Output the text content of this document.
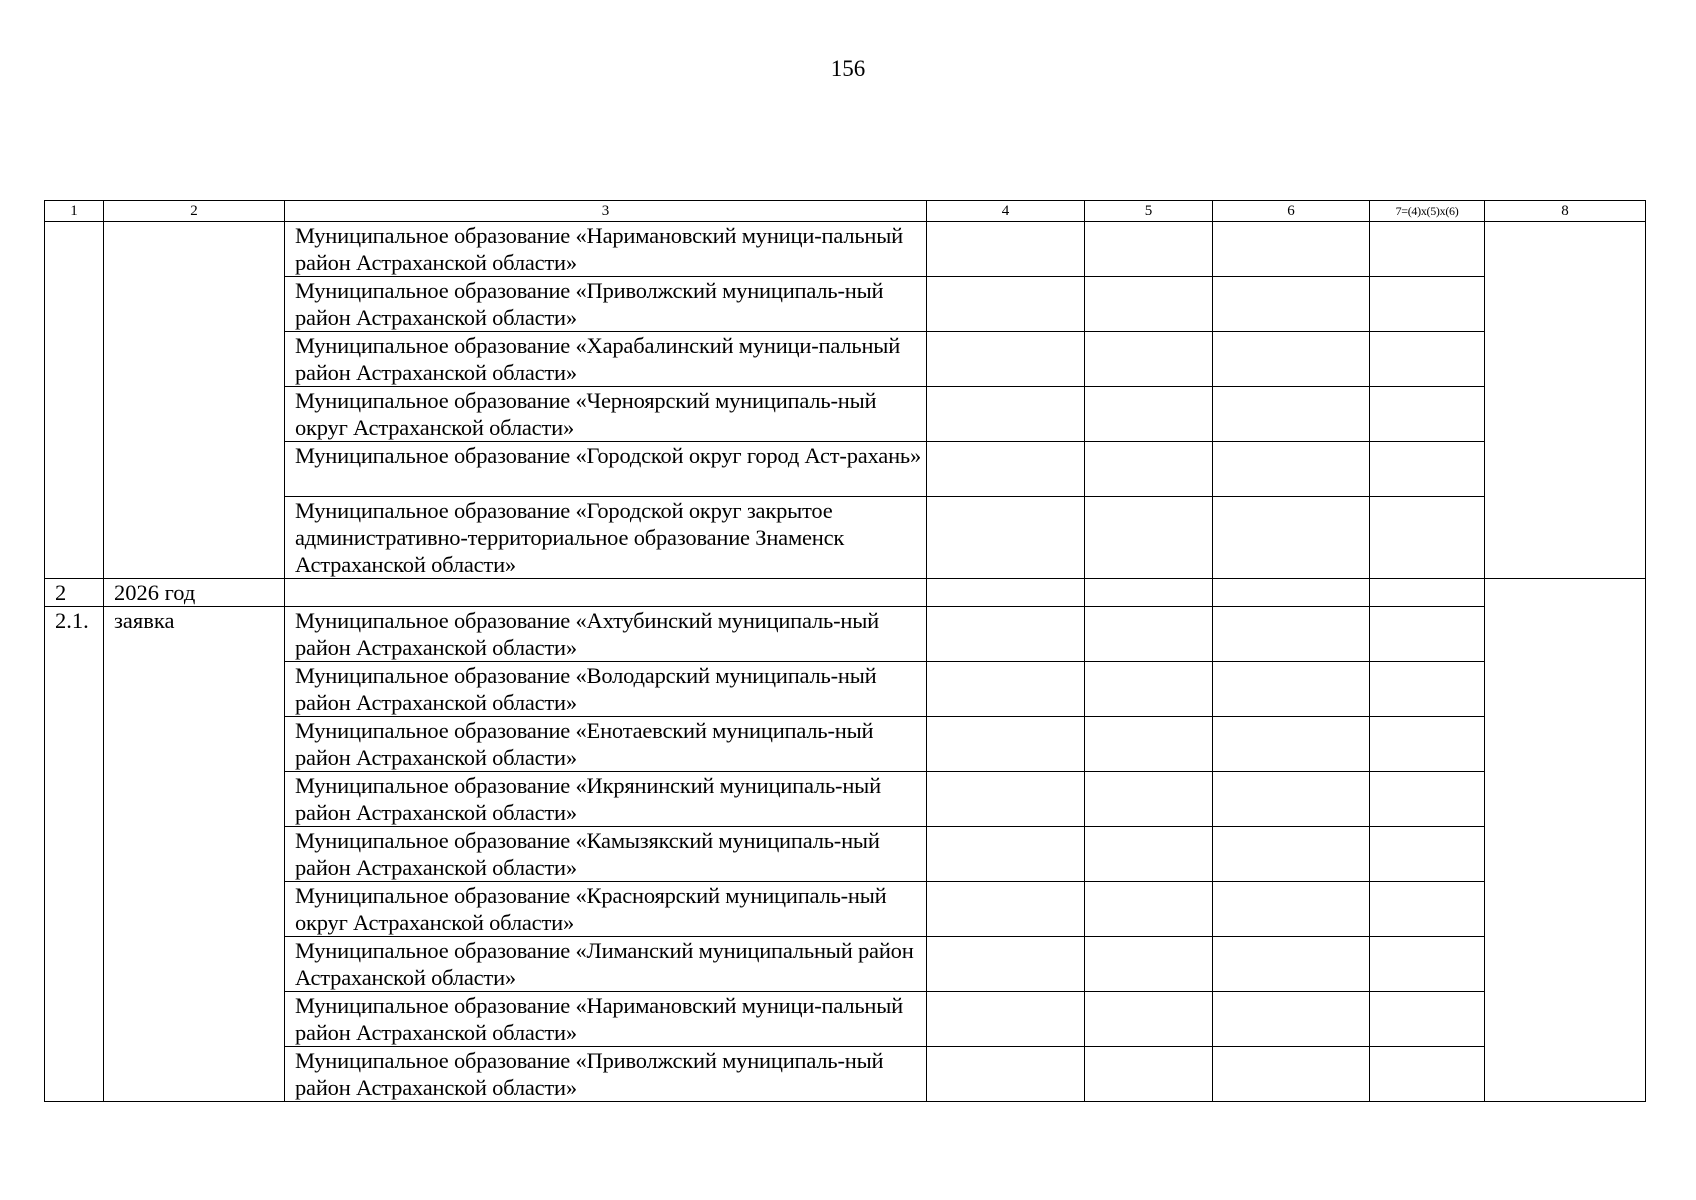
156
1	2	3	4	5	6	7=(4)x(5)x(6)	8
		Муниципальное образование «Наримановский муници-пальный район Астраханской области»					
		Муниципальное образование «Приволжский муниципаль-ный район Астраханской области»					
		Муниципальное образование «Харабалинский муници-пальный район Астраханской области»					
		Муниципальное образование «Черноярский муниципаль-ный округ Астраханской области»					
		Муниципальное образование «Городской округ город Аст-рахань»					
		Муниципальное образование «Городской округ закрытое административно-территориальное образование Знаменск Астраханской области»					
2	2026 год						
2.1.	заявка	Муниципальное образование «Ахтубинский муниципаль-ный район Астраханской области»					
		Муниципальное образование «Володарский муниципаль-ный район Астраханской области»					
		Муниципальное образование «Енотаевский муниципаль-ный район Астраханской области»					
		Муниципальное образование «Икрянинский муниципаль-ный район Астраханской области»					
		Муниципальное образование «Камызякский муниципаль-ный район Астраханской области»					
		Муниципальное образование «Красноярский муниципаль-ный округ Астраханской области»					
		Муниципальное образование «Лиманский муниципальный район Астраханской области»					
		Муниципальное образование «Наримановский муници-пальный район Астраханской области»					
		Муниципальное образование «Приволжский муниципаль-ный район Астраханской области»					
